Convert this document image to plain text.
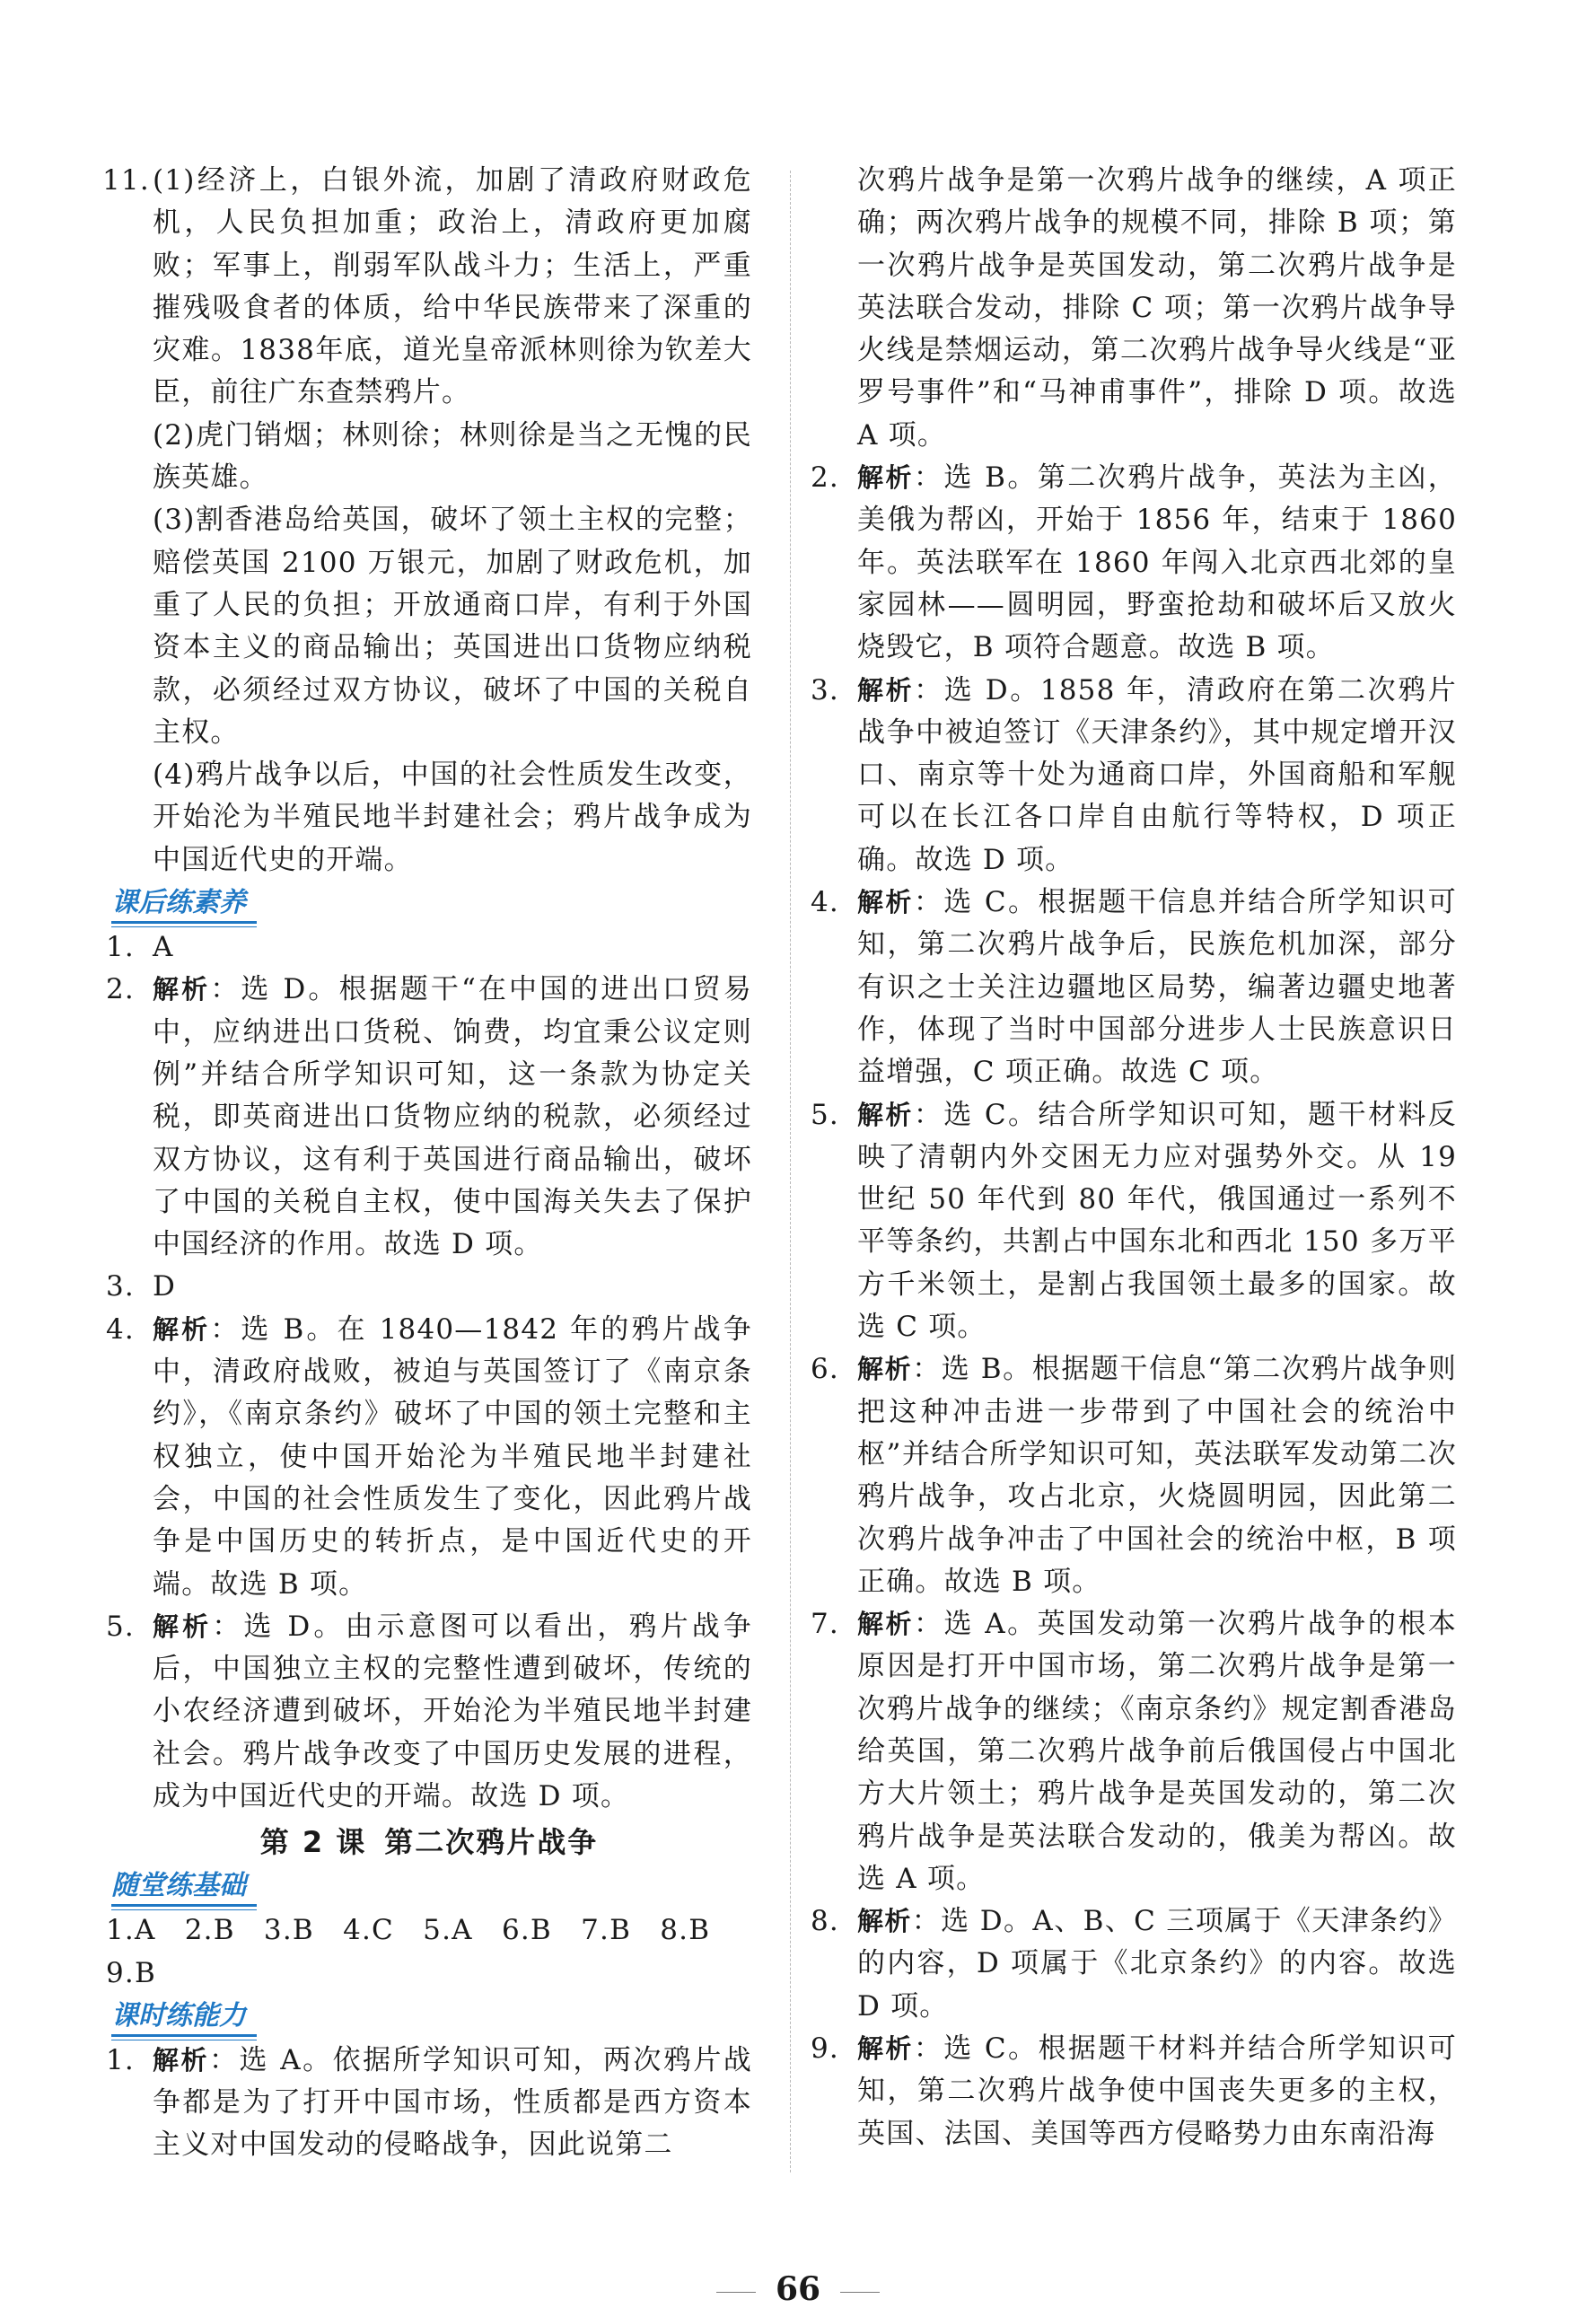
11. (1)经济上，白银外流，加剧了清政府财政危机，人民负担加重；政治上，清政府更加腐败；军事上，削弱军队战斗力；生活上，严重摧残吸食者的体质，给中华民族带来了深重的灾难。1838年底，道光皇帝派林则徐为钦差大臣，前往广东查禁鸦片。
(2)虎门销烟；林则徐；林则徐是当之无愧的民族英雄。
(3)割香港岛给英国，破坏了领土主权的完整；赔偿英国 2100 万银元，加剧了财政危机，加重了人民的负担；开放通商口岸，有利于外国资本主义的商品输出；英国进出口货物应纳税款，必须经过双方协议，破坏了中国的关税自主权。
(4)鸦片战争以后，中国的社会性质发生改变，开始沦为半殖民地半封建社会；鸦片战争成为中国近代史的开端。
课后练素养
1. A
2. 解析：选 D。根据题干“在中国的进出口贸易中，应纳进出口货税、饷费，均宜秉公议定则例”并结合所学知识可知，这一条款为协定关税，即英商进出口货物应纳的税款，必须经过双方协议，这有利于英国进行商品输出，破坏了中国的关税自主权，使中国海关失去了保护中国经济的作用。故选 D 项。
3. D
4. 解析：选 B。在 1840—1842 年的鸦片战争中，清政府战败，被迫与英国签订了《南京条约》，《南京条约》破坏了中国的领土完整和主权独立，使中国开始沦为半殖民地半封建社会，中国的社会性质发生了变化，因此鸦片战争是中国历史的转折点，是中国近代史的开端。故选 B 项。
5. 解析：选 D。由示意图可以看出，鸦片战争后，中国独立主权的完整性遭到破坏，传统的小农经济遭到破坏，开始沦为半殖民地半封建社会。鸦片战争改变了中国历史发展的进程，成为中国近代史的开端。故选 D 项。
第 2 课 第二次鸦片战争
随堂练基础
1.A　2.B　3.B　4.C　5.A　6.B　7.B　8.B
9.B
课时练能力
1. 解析：选 A。依据所学知识可知，两次鸦片战争都是为了打开中国市场，性质都是西方资本主义对中国发动的侵略战争，因此说第二
次鸦片战争是第一次鸦片战争的继续，A 项正确；两次鸦片战争的规模不同，排除 B 项；第一次鸦片战争是英国发动，第二次鸦片战争是英法联合发动，排除 C 项；第一次鸦片战争导火线是禁烟运动，第二次鸦片战争导火线是“亚罗号事件”和“马神甫事件”，排除 D 项。故选 A 项。
2. 解析：选 B。第二次鸦片战争，英法为主凶，美俄为帮凶，开始于 1856 年，结束于 1860 年。英法联军在 1860 年闯入北京西北郊的皇家园林——圆明园，野蛮抢劫和破坏后又放火烧毁它，B 项符合题意。故选 B 项。
3. 解析：选 D。1858 年，清政府在第二次鸦片战争中被迫签订《天津条约》，其中规定增开汉口、南京等十处为通商口岸，外国商船和军舰可以在长江各口岸自由航行等特权，D 项正确。故选 D 项。
4. 解析：选 C。根据题干信息并结合所学知识可知，第二次鸦片战争后，民族危机加深，部分有识之士关注边疆地区局势，编著边疆史地著作，体现了当时中国部分进步人士民族意识日益增强，C 项正确。故选 C 项。
5. 解析：选 C。结合所学知识可知，题干材料反映了清朝内外交困无力应对强势外交。从 19 世纪 50 年代到 80 年代，俄国通过一系列不平等条约，共割占中国东北和西北 150 多万平方千米领土，是割占我国领土最多的国家。故选 C 项。
6. 解析：选 B。根据题干信息“第二次鸦片战争则把这种冲击进一步带到了中国社会的统治中枢”并结合所学知识可知，英法联军发动第二次鸦片战争，攻占北京，火烧圆明园，因此第二次鸦片战争冲击了中国社会的统治中枢，B 项正确。故选 B 项。
7. 解析：选 A。英国发动第一次鸦片战争的根本原因是打开中国市场，第二次鸦片战争是第一次鸦片战争的继续；《南京条约》规定割香港岛给英国，第二次鸦片战争前后俄国侵占中国北方大片领土；鸦片战争是英国发动的，第二次鸦片战争是英法联合发动的，俄美为帮凶。故选 A 项。
8. 解析：选 D。A、B、C 三项属于《天津条约》的内容，D 项属于《北京条约》的内容。故选 D 项。
9. 解析：选 C。根据题干材料并结合所学知识可知，第二次鸦片战争使中国丧失更多的主权，英国、法国、美国等西方侵略势力由东南沿海
66
